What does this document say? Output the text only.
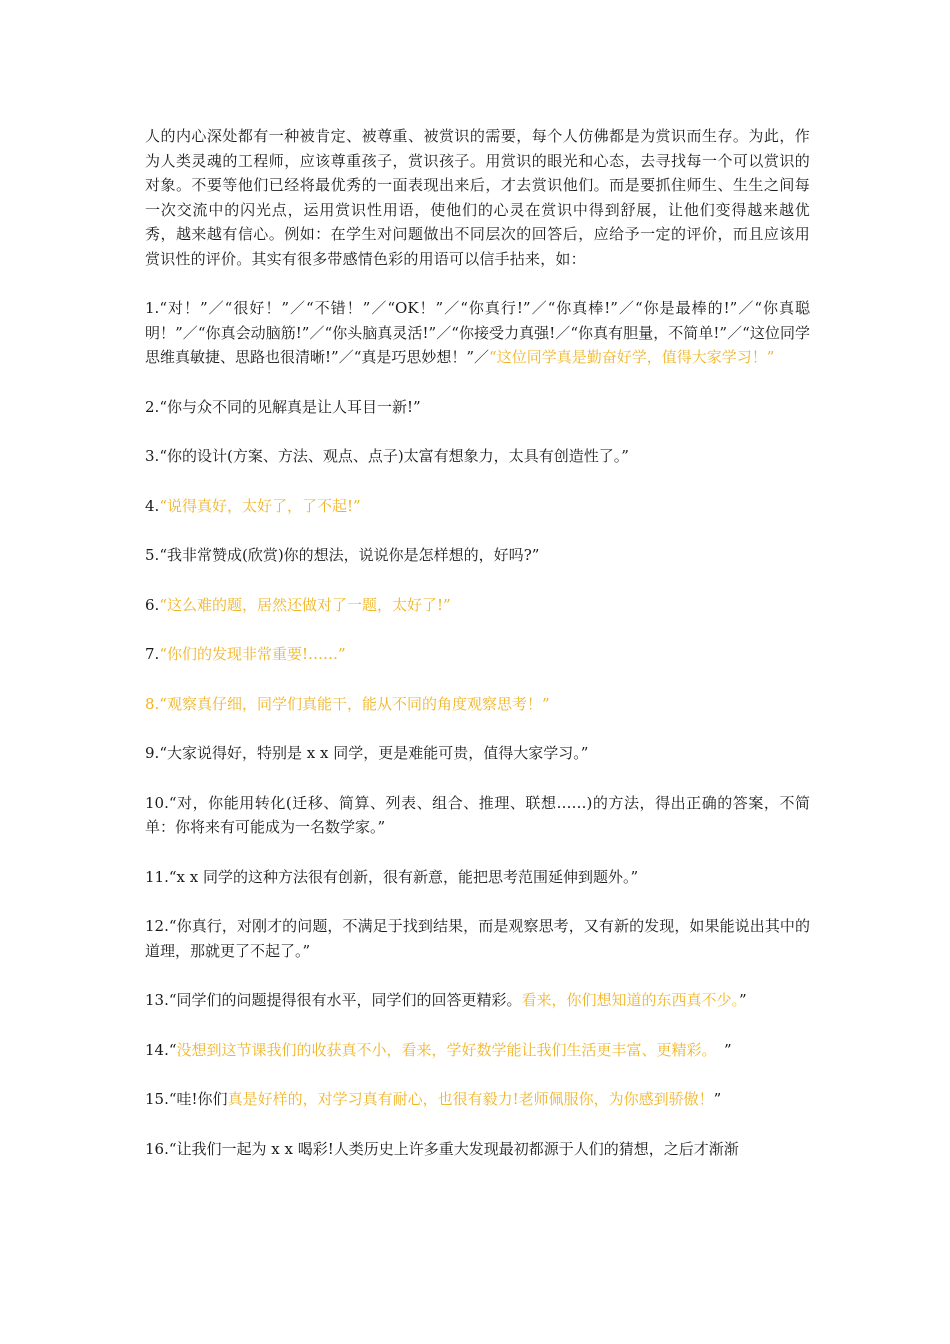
人的内心深处都有一种被肯定、被尊重、被赏识的需要，每个人仿佛都是为赏识而生存。为此，作为人类灵魂的工程师，应该尊重孩子，赏识孩子。用赏识的眼光和心态，去寻找每一个可以赏识的对象。不要等他们已经将最优秀的一面表现出来后，才去赏识他们。而是要抓住师生、生生之间每一次交流中的闪光点，运用赏识性用语，使他们的心灵在赏识中得到舒展，让他们变得越来越优秀，越来越有信心。例如：在学生对问题做出不同层次的回答后，应给予一定的评价，而且应该用赏识性的评价。其实有很多带感情色彩的用语可以信手拈来，如：

1.“对！”／“很好！”／“不错！”／“OK！”／“你真行!”／“你真棒!”／“你是最棒的!”／“你真聪明！”／“你真会动脑筋!”／“你头脑真灵活!”／“你接受力真强!／“你真有胆量，不简单!”／“这位同学思维真敏捷、思路也很清晰!”／“真是巧思妙想！”／“这位同学真是勤奋好学，值得大家学习！”

2.“你与众不同的见解真是让人耳目一新!”

3.“你的设计(方案、方法、观点、点子)太富有想象力，太具有创造性了。”

4.“说得真好，太好了，了不起!”

5.“我非常赞成(欣赏)你的想法，说说你是怎样想的，好吗?”

6.“这么难的题，居然还做对了一题，太好了!”

7.“你们的发现非常重要!……”

8.“观察真仔细，同学们真能干，能从不同的角度观察思考！”

9.“大家说得好，特别是 x x 同学，更是难能可贵，值得大家学习。”

10.“对，你能用转化(迁移、简算、列表、组合、推理、联想……)的方法，得出正确的答案，不简单：你将来有可能成为一名数学家。”

11.“x x 同学的这种方法很有创新，很有新意，能把思考范围延伸到题外。”

12.“你真行，对刚才的问题，不满足于找到结果，而是观察思考，又有新的发现，如果能说出其中的道理，那就更了不起了。”

13.“同学们的问题提得很有水平，同学们的回答更精彩。看来，你们想知道的东西真不少。”

14.“没想到这节课我们的收获真不小，看来，学好数学能让我们生活更丰富、更精彩。　”

15.“哇!你们真是好样的，对学习真有耐心，也很有毅力!老师佩服你，为你感到骄傲！”

16.“让我们一起为 x x 喝彩!人类历史上许多重大发现最初都源于人们的猜想，之后才渐渐
